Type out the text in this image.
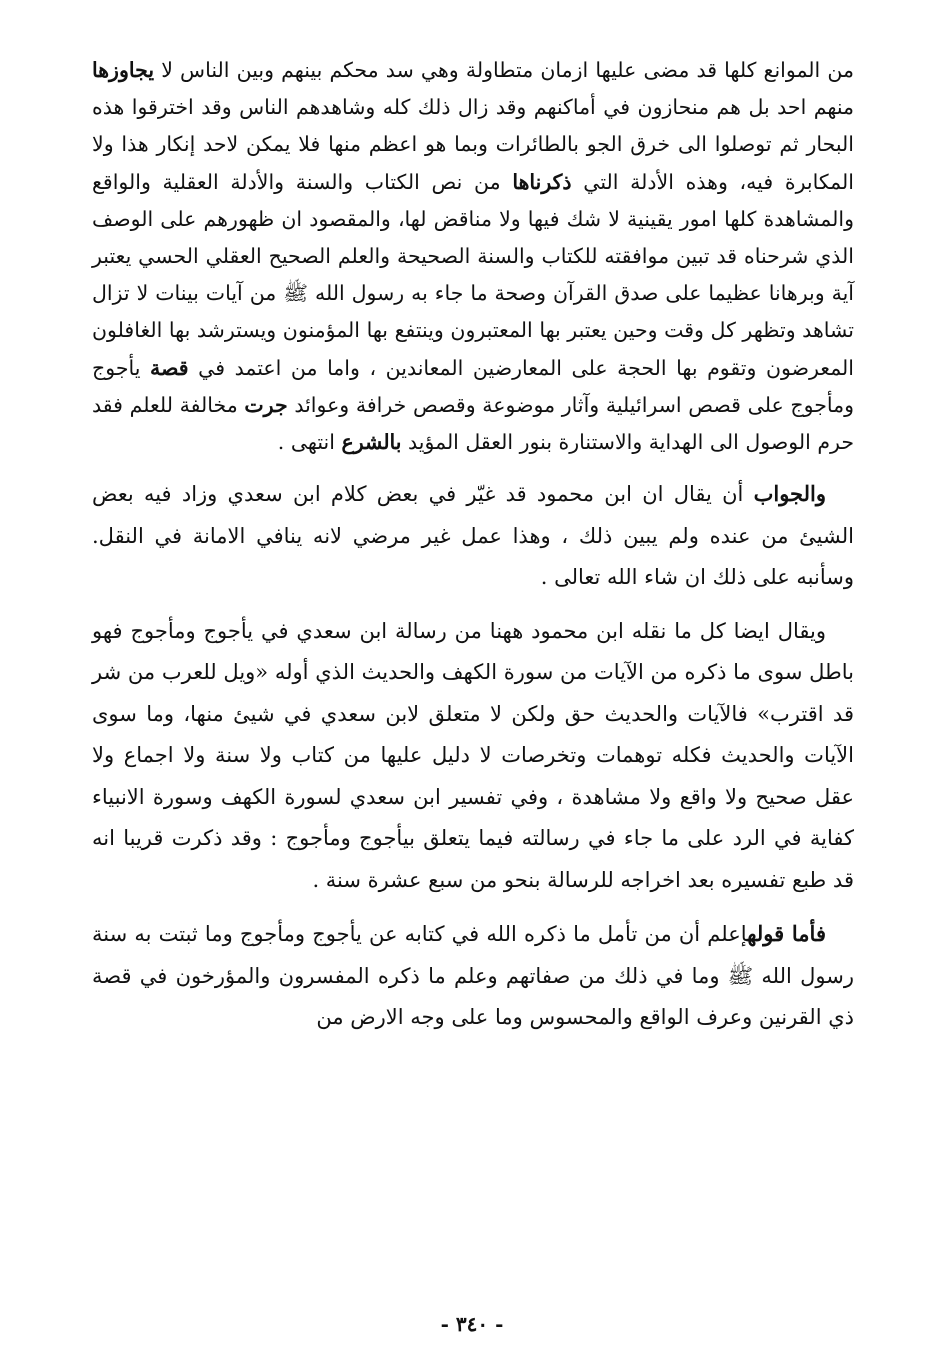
من الموانع كلها قد مضى عليها ازمان متطاولة وهي سد محكم بينهم وبين الناس لا يجاوزها منهم احد بل هم منحازون في أماكنهم وقد زال ذلك كله وشاهدهم الناس وقد اخترقوا هذه البحار ثم توصلوا الى خرق الجو بالطائرات وبما هو اعظم منها فلا يمكن لاحد إنكار هذا ولا المكابرة فيه، وهذه الأدلة التي ذكرناها من نص الكتاب والسنة والأدلة العقلية والواقع والمشاهدة كلها امور يقينية لا شك فيها ولا مناقض لها، والمقصود ان ظهورهم على الوصف الذي شرحناه قد تبين موافقته للكتاب والسنة الصحيحة والعلم الصحيح العقلي الحسي يعتبر آية وبرهانا عظيما على صدق القرآن وصحة ما جاء به رسول الله ﷺ من آيات بينات لا تزال تشاهد وتظهر كل وقت وحين يعتبر بها المعتبرون وينتفع بها المؤمنون ويسترشد بها الغافلون المعرضون وتقوم بها الحجة على المعارضين المعاندين ، واما من اعتمد في قصة يأجوج ومأجوج على قصص اسرائيلية وآثار موضوعة وقصص خرافة وعوائد جرت مخالفة للعلم فقد حرم الوصول الى الهداية والاستنارة بنور العقل المؤيد بالشرع انتهى .

والجواب أن يقال ان ابن محمود قد غيّر في بعض كلام ابن سعدي وزاد فيه بعض الشيئ من عنده ولم يبين ذلك ، وهذا عمل غير مرضي لانه ينافي الامانة في النقل. وسأنبه على ذلك ان شاء الله تعالى .

ويقال ايضا كل ما نقله ابن محمود ههنا من رسالة ابن سعدي في يأجوج ومأجوج فهو باطل سوى ما ذكره من الآيات من سورة الكهف والحديث الذي أوله «ويل للعرب من شر قد اقترب» فالآيات والحديث حق ولكن لا متعلق لابن سعدي في شيئ منها، وما سوى الآيات والحديث فكله توهمات وتخرصات لا دليل عليها من كتاب ولا سنة ولا اجماع ولا عقل صحيح ولا واقع ولا مشاهدة ، وفي تفسير ابن سعدي لسورة الكهف وسورة الانبياء كفاية في الرد على ما جاء في رسالته فيما يتعلق بيأجوج ومأجوج : وقد ذكرت قريبا انه قد طبع تفسيره بعد اخراجه للرسالة بنحو من سبع عشرة سنة .

فأما قولهإعلم أن من تأمل ما ذكره الله في كتابه عن يأجوج ومأجوج وما ثبتت به سنة رسول الله ﷺ وما في ذلك من صفاتهم وعلم ما ذكره المفسرون والمؤرخون في قصة ذي القرنين وعرف الواقع والمحسوس وما على وجه الارض من

- ٣٤٠ -
